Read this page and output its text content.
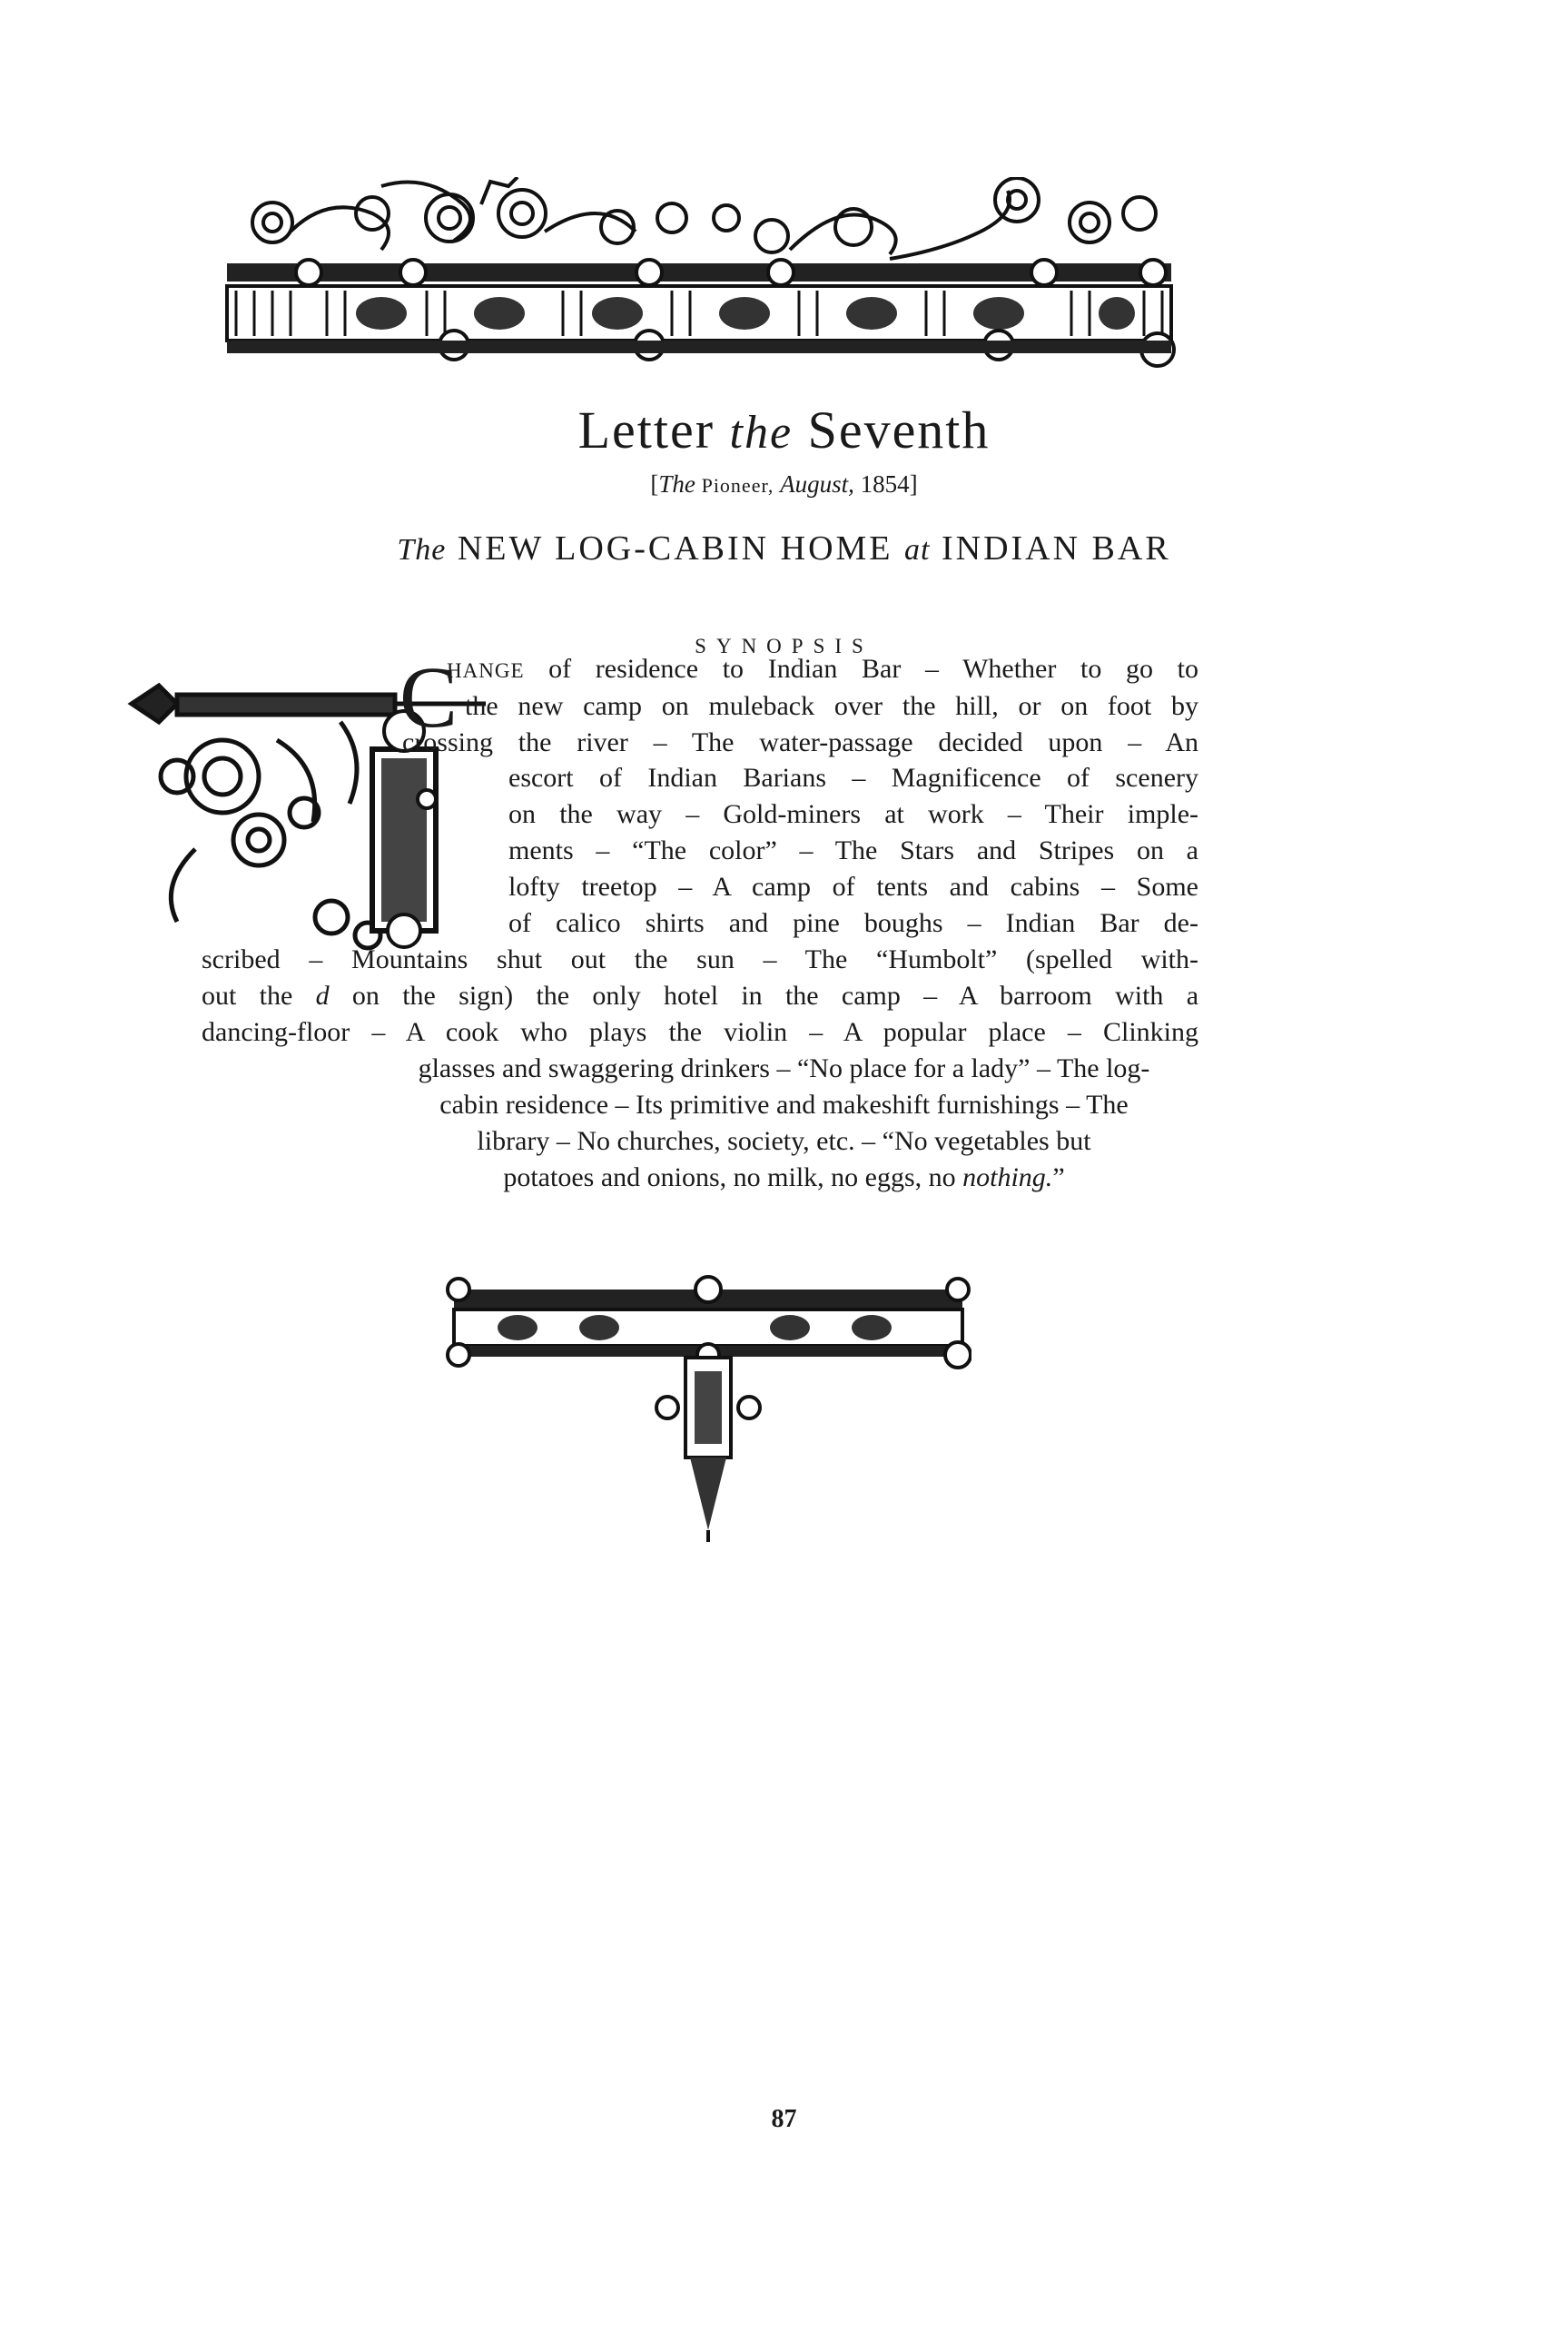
Letter the Seventh
[The Pioneer, August, 1854]
The NEW LOG-CABIN HOME at INDIAN BAR
SYNOPSIS
C
HANGE of residence to Indian Bar – Whether to go to
the new camp on muleback over the hill, or on foot by
crossing the river – The water-passage decided upon – An
escort of Indian Barians – Magnificence of scenery
on the way – Gold-miners at work – Their imple-
ments – “The color” – The Stars and Stripes on a
lofty treetop – A camp of tents and cabins – Some
of calico shirts and pine boughs – Indian Bar de-
scribed – Mountains shut out the sun – The “Humbolt” (spelled with-
out the d on the sign) the only hotel in the camp – A barroom with a
dancing-floor – A cook who plays the violin – A popular place – Clinking
glasses and swaggering drinkers – “No place for a lady” – The log-
cabin residence – Its primitive and makeshift furnishings – The
library – No churches, society, etc. – “No vegetables but
potatoes and onions, no milk, no eggs, no nothing.”
87
